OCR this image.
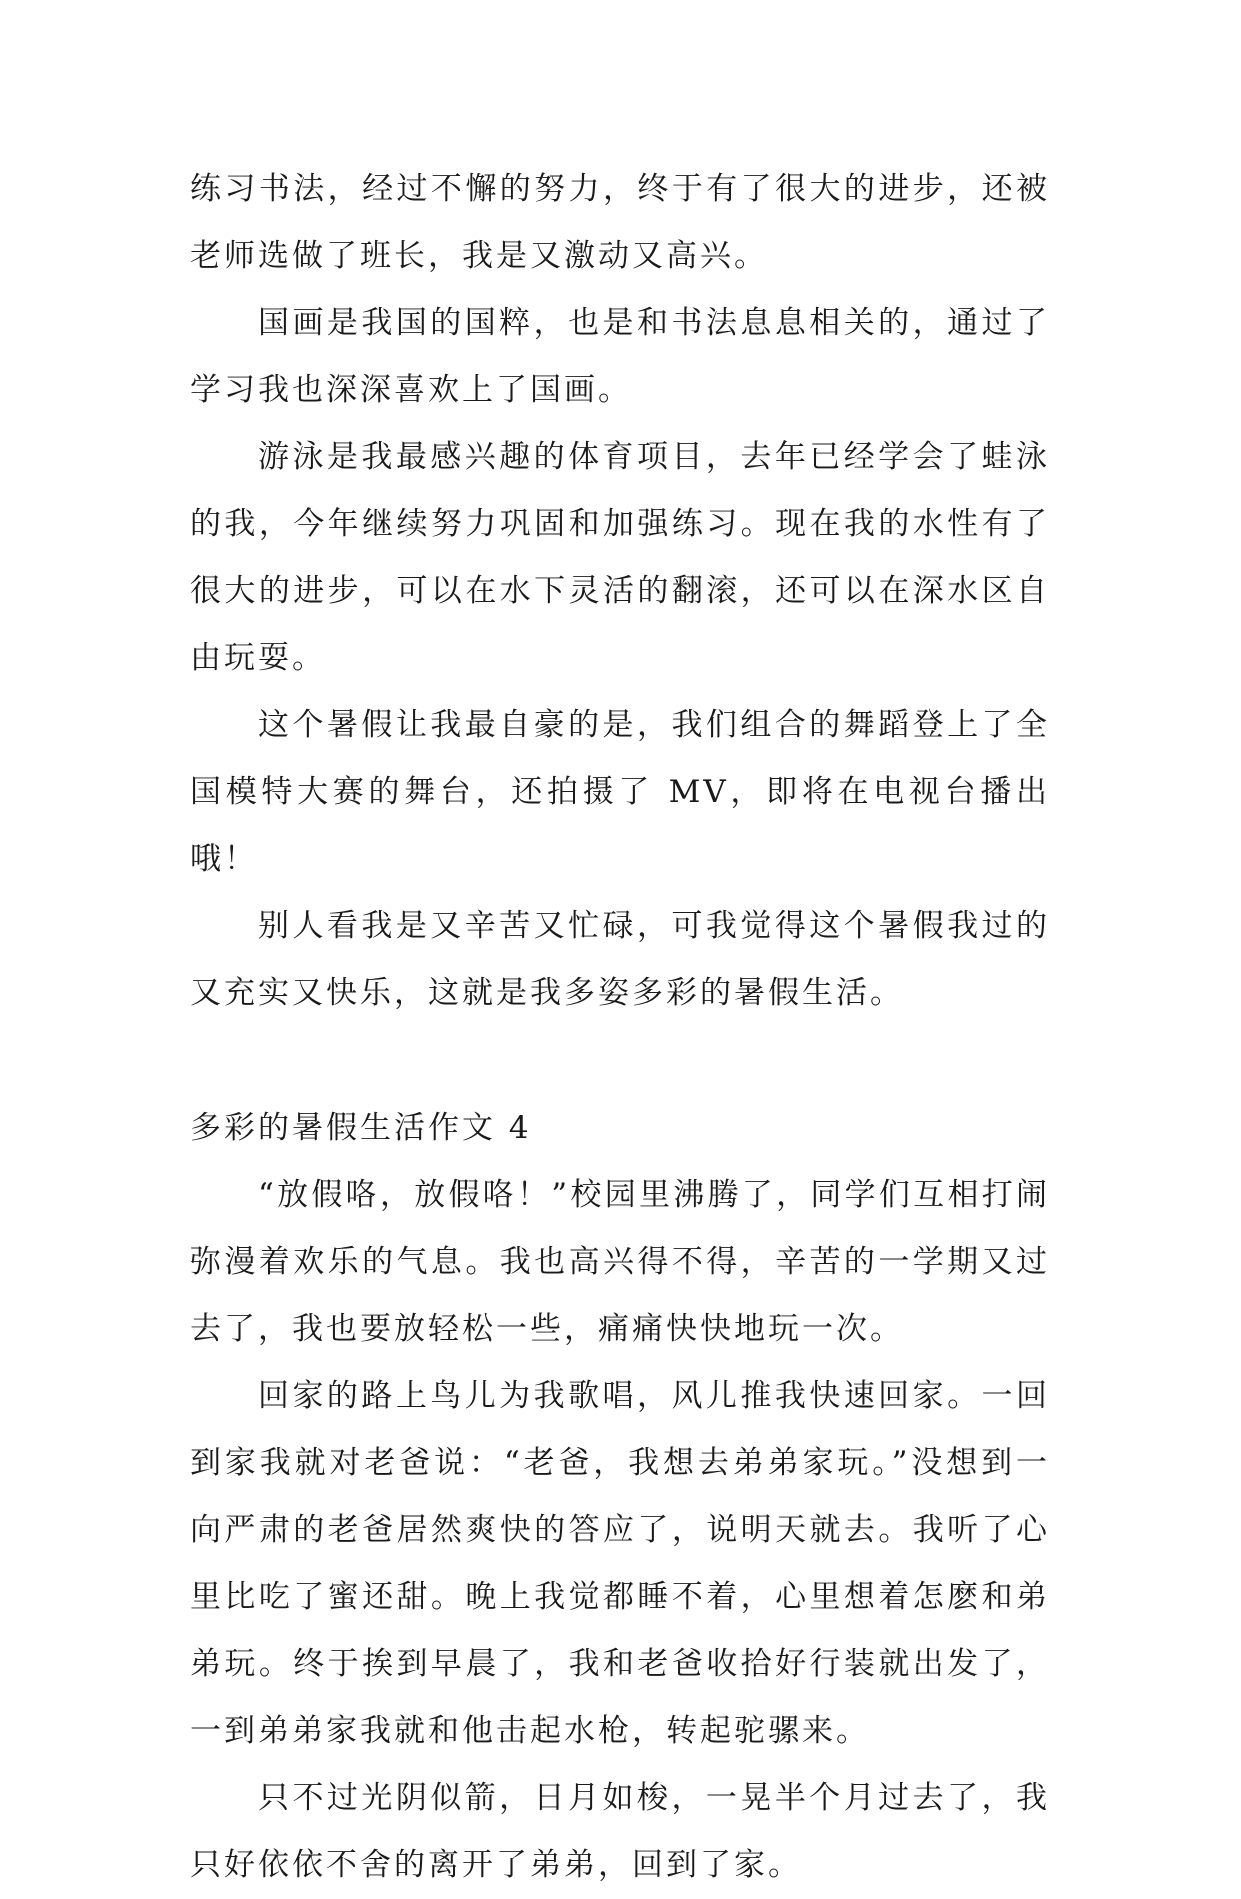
练习书法，经过不懈的努力，终于有了很大的进步，还被老师选做了班长，我是又激动又高兴。

国画是我国的国粹，也是和书法息息相关的，通过了学习我也深深喜欢上了国画。

游泳是我最感兴趣的体育项目，去年已经学会了蛙泳的我，今年继续努力巩固和加强练习。现在我的水性有了很大的进步，可以在水下灵活的翻滚，还可以在深水区自由玩耍。

这个暑假让我最自豪的是，我们组合的舞蹈登上了全国模特大赛的舞台，还拍摄了 MV，即将在电视台播出哦！

别人看我是又辛苦又忙碌，可我觉得这个暑假我过的又充实又快乐，这就是我多姿多彩的暑假生活。

多彩的暑假生活作文 4

“放假咯，放假咯！”校园里沸腾了，同学们互相打闹弥漫着欢乐的气息。我也高兴得不得，辛苦的一学期又过去了，我也要放轻松一些，痛痛快快地玩一次。

回家的路上鸟儿为我歌唱，风儿推我快速回家。一回到家我就对老爸说：“老爸，我想去弟弟家玩。”没想到一向严肃的老爸居然爽快的答应了，说明天就去。我听了心里比吃了蜜还甜。晚上我觉都睡不着，心里想着怎麽和弟弟玩。终于挨到早晨了，我和老爸收拾好行装就出发了，一到弟弟家我就和他击起水枪，转起驼骡来。

只不过光阴似箭，日月如梭，一晃半个月过去了，我只好依依不舍的离开了弟弟，回到了家。
